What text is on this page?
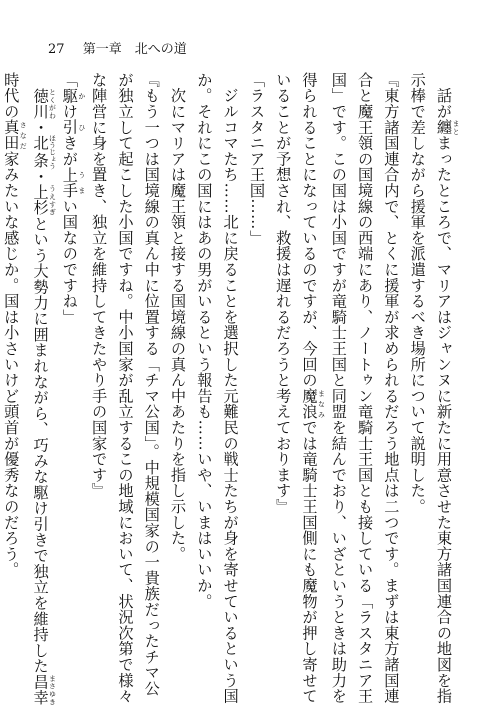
27 第一章　北への道

　話が纏 まとまったところで、マリアはジャンヌに新たに用意させた東方諸国連合の地図を指

示棒で差しながら援軍を派遣するべき場所について説明した。

『東方諸国連合内で、とくに援軍が求められるだろう地点は二つです。まずは東方諸国連

合と魔王領の国境線の西端にあり、ノートゥン竜騎士王国とも接している「ラスタニア王

国」です。この国は小国ですが竜騎士王国と同盟を結んでおり、いざというときは助力を

得られることになっているのですが、今回の魔浪 まなみでは竜騎士王国側にも魔物が押し寄せて

いることが予想され、救援は遅れるだろうと考えております』

「ラスタニア王国……」

　ジルコマたち……北に戻ることを選択した元難民の戦士たちが身を寄せているという国

か。それにこの国にはあの男がいるという報告も……いや、いまはいいか。

　次にマリアは魔王領と接する国境線の真ん中あたりを指し示した。

『もう一つは国境線の真ん中に位置する「チマ公国」。中規模国家の一貴族だったチマ公

が独立して起こした小国ですね。中小国家が乱立するこの地域において、状況次第で様々

な陣営に身を置き、独立を維持してきたやり手の国家です』

「駆 かけ引 ひきが上手 うまい国なのですね」

　徳川 とくがわ・北条 ほうじょう・上杉 うえすぎという大勢力に囲まれながら、巧みな駆け引きで独立を維持した昌幸 まさゆき

時代の真田 さなだ家みたいな感じか。国は小さいけど頭首が優秀なのだろう。
